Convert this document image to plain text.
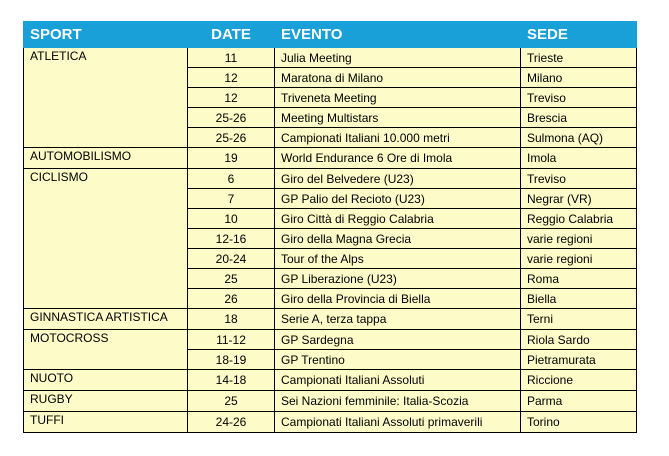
SPORT	DATE	EVENTO	SEDE
ATLETICA	11	Julia Meeting	Trieste
	12	Maratona di Milano	Milano
	12	Triveneta Meeting	Treviso
	25-26	Meeting Multistars	Brescia
	25-26	Campionati Italiani 10.000 metri	Sulmona (AQ)
AUTOMOBILISMO	19	World Endurance 6 Ore di Imola	Imola
CICLISMO	6	Giro del Belvedere (U23)	Treviso
	7	GP Palio del Recioto (U23)	Negrar (VR)
	10	Giro Città di Reggio Calabria	Reggio Calabria
	12-16	Giro della Magna Grecia	varie regioni
	20-24	Tour of the Alps	varie regioni
	25	GP Liberazione (U23)	Roma
	26	Giro della Provincia di Biella	Biella
GINNASTICA ARTISTICA	18	Serie A, terza tappa	Terni
MOTOCROSS	11-12	GP Sardegna	Riola Sardo
	18-19	GP Trentino	Pietramurata
NUOTO	14-18	Campionati Italiani Assoluti	Riccione
RUGBY	25	Sei Nazioni femminile: Italia-Scozia	Parma
TUFFI	24-26	Campionati Italiani Assoluti primaverili	Torino
